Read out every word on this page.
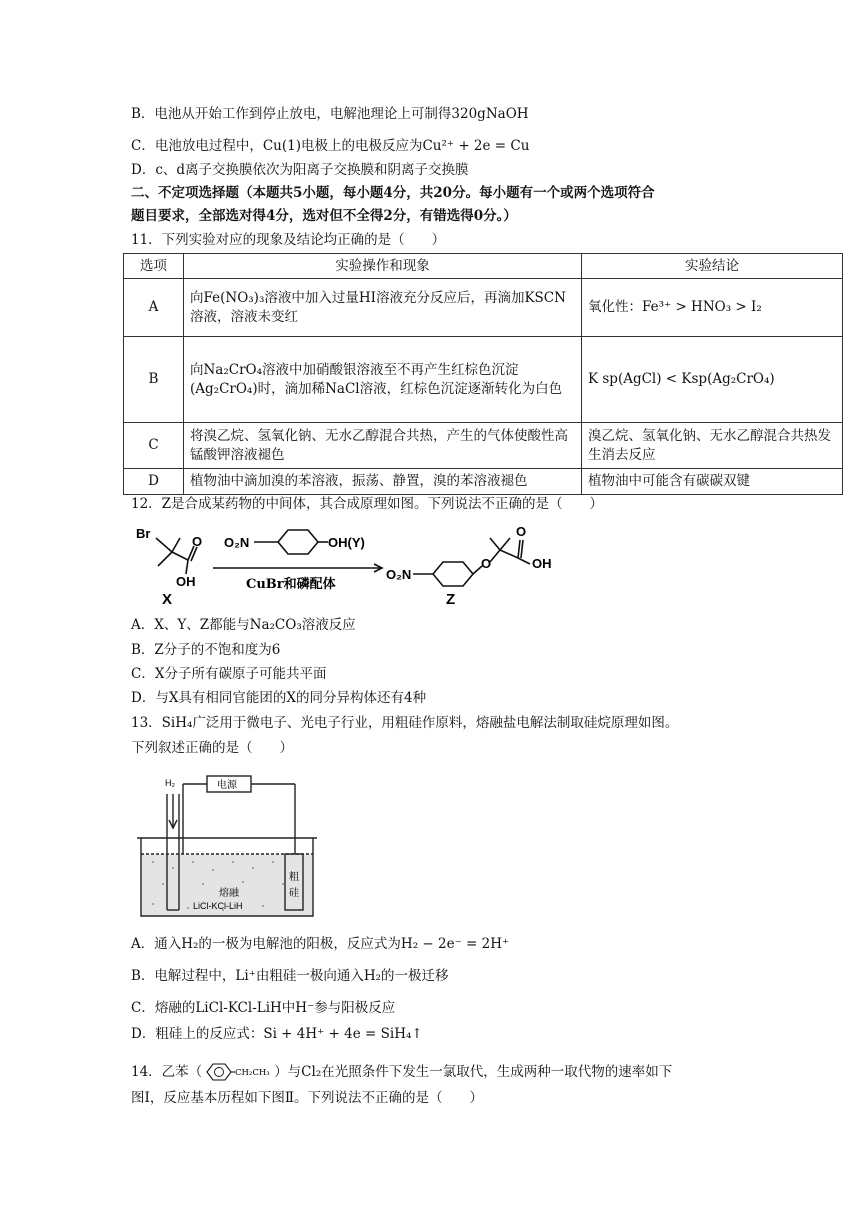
B．电池从开始工作到停止放电，电解池理论上可制得320gNaOH
C．电池放电过程中，Cu(1)电极上的电极反应为Cu²⁺ + 2e = Cu
D．c、d离子交换膜依次为阳离子交换膜和阴离子交换膜
二、不定项选择题（本题共5小题，每小题4分，共20分。每小题有一个或两个选项符合
题目要求，全部选对得4分，选对但不全得2分，有错选得0分。）
11．下列实验对应的现象及结论均正确的是（　　）
选项	实验操作和现象	实验结论
A	向Fe(NO₃)₃溶液中加入过量HI溶液充分反应后，再滴加KSCN溶液，溶液未变红	氧化性：Fe³⁺ > HNO₃ > I₂
B	向Na₂CrO₄溶液中加硝酸银溶液至不再产生红棕色沉淀(Ag₂CrO₄)时，滴加稀NaCl溶液，红棕色沉淀逐渐转化为白色	K sp(AgCl) < Ksp(Ag₂CrO₄)
C	将溴乙烷、氢氧化钠、无水乙醇混合共热，产生的气体使酸性高锰酸钾溶液褪色	溴乙烷、氢氧化钠、无水乙醇混合共热发生消去反应
D	植物油中滴加溴的苯溶液，振荡、静置，溴的苯溶液褪色	植物油中可能含有碳碳双键
12．Z是合成某药物的中间体，其合成原理如图。下列说法不正确的是（　　）
Br
O
OH
X
O₂N	OH(Y)
CuBr和磷配体
O₂N
O
O
OH
Z
A．X、Y、Z都能与Na₂CO₃溶液反应
B．Z分子的不饱和度为6
C．X分子所有碳原子可能共平面
D．与X具有相同官能团的X的同分异构体还有4种
13．SiH₄广泛用于微电子、光电子行业，用粗硅作原料，熔融盐电解法制取硅烷原理如图。
下列叙述正确的是（　　）
H₂	电源
熔融
LiCl-KCl-LiH
粗
硅
A．通入H₂的一极为电解池的阳极，反应式为H₂ − 2e⁻ = 2H⁺
B．电解过程中，Li⁺由粗硅一极向通入H₂的一极迁移
C．熔融的LiCl-KCl-LiH中H⁻参与阳极反应
D．粗硅上的反应式：Si + 4H⁺ + 4e = SiH₄↑
14．乙苯（	CH₂CH₃ ）与Cl₂在光照条件下发生一氯取代，生成两种一取代物的速率如下
图Ⅰ，反应基本历程如下图Ⅱ。下列说法不正确的是（　　）
